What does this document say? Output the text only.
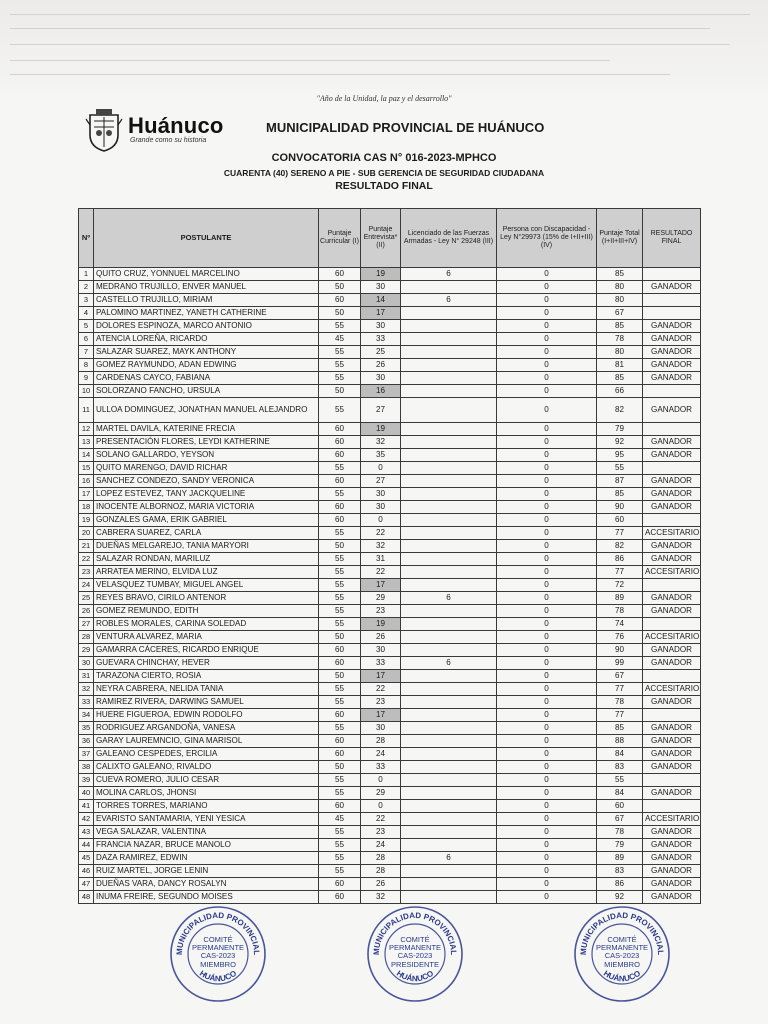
"Año de la Unidad, la paz y el desarrollo"
Huánuco
Grande como su historia
MUNICIPALIDAD PROVINCIAL DE HUÁNUCO
CONVOCATORIA CAS N° 016-2023-MPHCO
CUARENTA (40) SERENO A PIE - SUB GERENCIA DE SEGURIDAD CIUDADANA
RESULTADO FINAL
Nº	POSTULANTE	Puntaje Curricular (I)	Puntaje Entrevista* (II)	Licenciado de las Fuerzas Armadas - Ley N° 29248 (III)	Persona con Discapacidad -Ley N°29973 (15% de I+II+III) (IV)	Puntaje Total (I+II+III+IV)	RESULTADO FINAL
1	QUITO CRUZ, YONNUEL MARCELINO	60	19	6	0	85	
2	MEDRANO TRUJILLO, ENVER MANUEL	50	30		0	80	GANADOR
3	CASTELLO TRUJILLO, MIRIAM	60	14	6	0	80	
4	PALOMINO MARTINEZ, YANETH CATHERINE	50	17		0	67	
5	DOLORES ESPINOZA, MARCO ANTONIO	55	30		0	85	GANADOR
6	ATENCIA LOREÑA, RICARDO	45	33		0	78	GANADOR
7	SALAZAR SUAREZ, MAYK ANTHONY	55	25		0	80	GANADOR
8	GOMEZ RAYMUNDO, ADAN EDWING	55	26		0	81	GANADOR
9	CARDENAS CAYCO, FABIANA	55	30		0	85	GANADOR
10	SOLORZANO FANCHO, URSULA	50	16		0	66	
11	ULLOA DOMINGUEZ, JONATHAN MANUEL ALEJANDRO	55	27		0	82	GANADOR
12	MARTEL DAVILA, KATERINE FRECIA	60	19		0	79	
13	PRESENTACIÓN FLORES, LEYDI KATHERINE	60	32		0	92	GANADOR
14	SOLANO GALLARDO, YEYSON	60	35		0	95	GANADOR
15	QUITO MARENGO, DAVID RICHAR	55	0		0	55	
16	SANCHEZ CONDEZO, SANDY VERONICA	60	27		0	87	GANADOR
17	LOPEZ ESTEVEZ, TANY JACKQUELINE	55	30		0	85	GANADOR
18	INOCENTE ALBORNOZ, MARIA VICTORIA	60	30		0	90	GANADOR
19	GONZALES GAMA, ERIK GABRIEL	60	0		0	60	
20	CABRERA SUAREZ, CARLA	55	22		0	77	ACCESITARIO
21	DUEÑAS MELGAREJO, TANIA MARYORI	50	32		0	82	GANADOR
22	SALAZAR RONDAN, MARILUZ	55	31		0	86	GANADOR
23	ARRATEA MERINO, ELVIDA LUZ	55	22		0	77	ACCESITARIO
24	VELASQUEZ TUMBAY, MIGUEL ANGEL	55	17		0	72	
25	REYES BRAVO, CIRILO ANTENOR	55	29	6	0	89	GANADOR
26	GOMEZ REMUNDO, EDITH	55	23		0	78	GANADOR
27	ROBLES MORALES, CARINA SOLEDAD	55	19		0	74	
28	VENTURA ALVAREZ, MARIA	50	26		0	76	ACCESITARIO
29	GAMARRA CÁCERES, RICARDO ENRIQUE	60	30		0	90	GANADOR
30	GUEVARA CHINCHAY, HEVER	60	33	6	0	99	GANADOR
31	TARAZONA CIERTO, ROSIA	50	17		0	67	
32	NEYRA CABRERA, NELIDA TANIA	55	22		0	77	ACCESITARIO
33	RAMIREZ RIVERA, DARWING SAMUEL	55	23		0	78	GANADOR
34	HUERE FIGUEROA, EDWIN RODOLFO	60	17		0	77	
35	RODRIGUEZ ARGANDOÑA, VANESA	55	30		0	85	GANADOR
36	GARAY LAUREMNCIO, GINA MARISOL	60	28		0	88	GANADOR
37	GALEANO CESPEDES, ERCILIA	60	24		0	84	GANADOR
38	CALIXTO GALEANO, RIVALDO	50	33		0	83	GANADOR
39	CUEVA ROMERO, JULIO CESAR	55	0		0	55	
40	MOLINA CARLOS, JHONSI	55	29		0	84	GANADOR
41	TORRES TORRES, MARIANO	60	0		0	60	
42	EVARISTO SANTAMARIA, YENI YESICA	45	22		0	67	ACCESITARIO
43	VEGA SALAZAR, VALENTINA	55	23		0	78	GANADOR
44	FRANCIA NAZAR, BRUCE MANOLO	55	24		0	79	GANADOR
45	DAZA RAMIREZ, EDWIN	55	28	6	0	89	GANADOR
46	RUIZ MARTEL, JORGE LENIN	55	28		0	83	GANADOR
47	DUEÑAS VARA, DANCY ROSALYN	60	26		0	86	GANADOR
48	INUMA FREIRE, SEGUNDO MOISES	60	32		0	92	GANADOR
MUNICIPALIDAD PROVINCIAL
HUÁNUCO
COMITÉ
PERMANENTE
CAS-2023
MIEMBRO
MUNICIPALIDAD PROVINCIAL
HUÁNUCO
COMITÉ
PERMANENTE
CAS-2023
PRESIDENTE
MUNICIPALIDAD PROVINCIAL
HUÁNUCO
COMITÉ
PERMANENTE
CAS-2023
MIEMBRO
